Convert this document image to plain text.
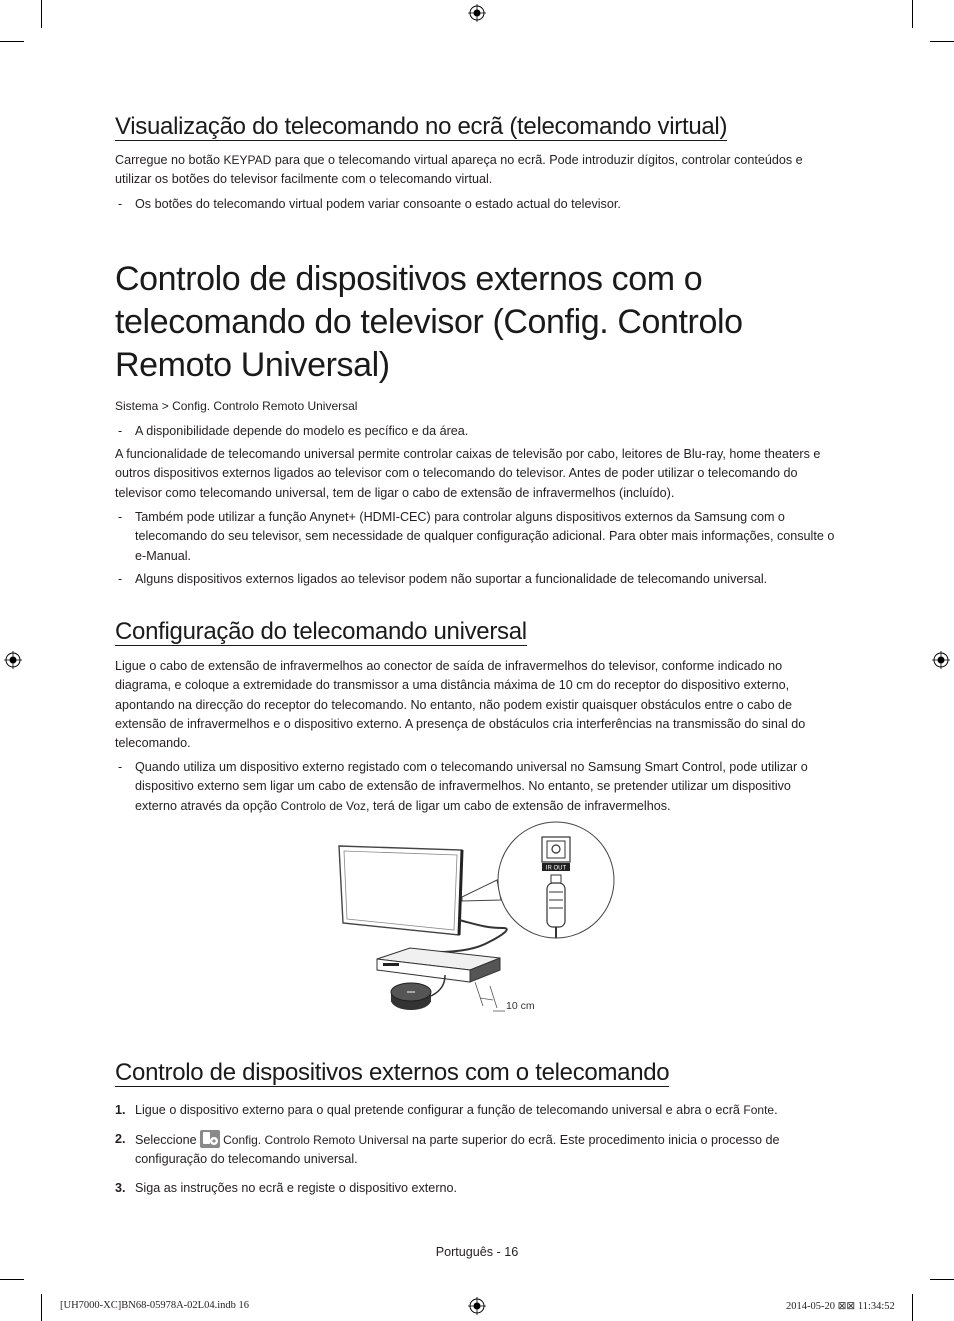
Visualização do telecomando no ecrã (telecomando virtual)
Carregue no botão KEYPAD para que o telecomando virtual apareça no ecrã. Pode introduzir dígitos, controlar conteúdos e utilizar os botões do televisor facilmente com o telecomando virtual.
- Os botões do telecomando virtual podem variar consoante o estado actual do televisor.
Controlo de dispositivos externos com o
telecomando do televisor (Config. Controlo
Remoto Universal)
Sistema > Config. Controlo Remoto Universal
- A disponibilidade depende do modelo es pecífico e da área.
A funcionalidade de telecomando universal permite controlar caixas de televisão por cabo, leitores de Blu-ray, home theaters e outros dispositivos externos ligados ao televisor com o telecomando do televisor. Antes de poder utilizar o telecomando do televisor como telecomando universal, tem de ligar o cabo de extensão de infravermelhos (incluído).
- Também pode utilizar a função Anynet+ (HDMI-CEC) para controlar alguns dispositivos externos da Samsung com o telecomando do seu televisor, sem necessidade de qualquer configuração adicional. Para obter mais informações, consulte o e-Manual.
- Alguns dispositivos externos ligados ao televisor podem não suportar a funcionalidade de telecomando universal.
Configuração do telecomando universal
Ligue o cabo de extensão de infravermelhos ao conector de saída de infravermelhos do televisor, conforme indicado no diagrama, e coloque a extremidade do transmissor a uma distância máxima de 10 cm do receptor do dispositivo externo, apontando na direcção do receptor do telecomando. No entanto, não podem existir quaisquer obstáculos entre o cabo de extensão de infravermelhos e o dispositivo externo. A presença de obstáculos cria interferências na transmissão do sinal do telecomando.
- Quando utiliza um dispositivo externo registado com o telecomando universal no Samsung Smart Control, pode utilizar o dispositivo externo sem ligar um cabo de extensão de infravermelhos. No entanto, se pretender utilizar um dispositivo externo através da opção Controlo de Voz, terá de ligar um cabo de extensão de infravermelhos.
IR OUT
10 cm
Controlo de dispositivos externos com o telecomando
1. Ligue o dispositivo externo para o qual pretende configurar a função de telecomando universal e abra o ecrã Fonte.
2. Seleccione Config. Controlo Remoto Universal na parte superior do ecrã. Este procedimento inicia o processo de configuração do telecomando universal.
3. Siga as instruções no ecrã e registe o dispositivo externo.
Português - 16
[UH7000-XC]BN68-05978A-02L04.indb 16	2014-05-20 ⊠⊠ 11:34:52
